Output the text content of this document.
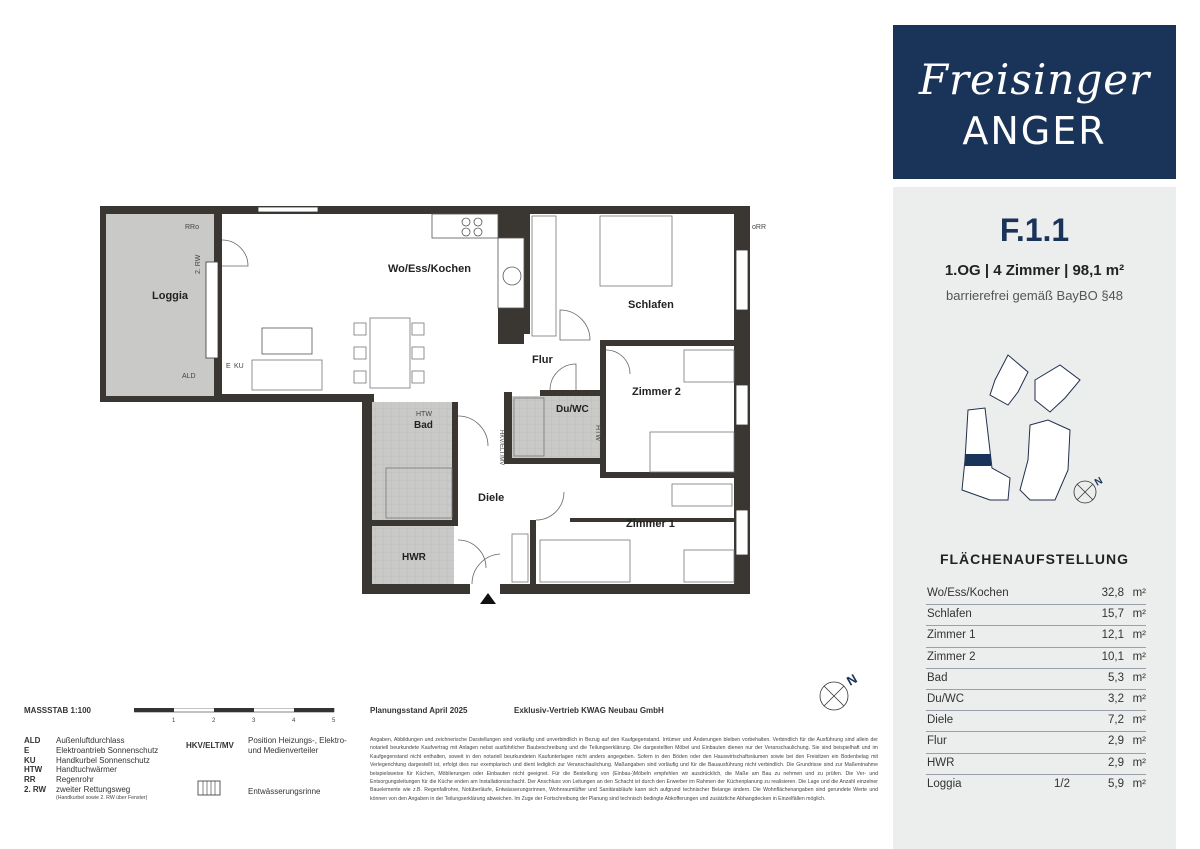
Freisinger
ANGER
F.1.1
1.OG | 4 Zimmer | 98,1 m²
barrierefrei gemäß BayBO §48
N
FLÄCHENAUFSTELLUNG
Wo/Ess/Kochen	32,8 m²
Schlafen	15,7 m²
Zimmer 1	12,1 m²
Zimmer 2	10,1 m²
Bad	5,3 m²
Du/WC	3,2 m²
Diele	7,2 m²
Flur	2,9 m²
HWR	2,9 m²
Loggia	1/2	5,9 m²
Loggia
Wo/Ess/Kochen
Schlafen
Flur
Zimmer 2
Du/WC
Bad
Diele
Zimmer 1
HWR
RRo	oRR
2. RW
ALD
E KU
HTW
HTW
HKV/ELT/MV
N
MASSSTAB 1:100
1	2	3	4	5
ALD Außenluftdurchlass
E	Elektroantrieb Sonnenschutz
KU	Handkurbel Sonnenschutz
HTW Handtuchwärmer
RR	Regenrohr
2. RW zweiter Rettungsweg
(Handkurbel sowie 2. RW über Fenster)
HKV/ELT/MV
Position Heizungs-, Elektro- und Medienverteiler
Entwässerungsrinne
Planungsstand April 2025	Exklusiv-Vertrieb KWAG Neubau GmbH
Angaben, Abbildungen und zeichnerische Darstellungen sind vorläufig und unverbindlich in Bezug auf den Kaufgegenstand. Irrtümer und Änderungen bleiben vorbehalten. Verbindlich für die Ausführung sind allein der notariell beurkundete Kaufvertrag mit Anlagen nebst ausführlicher Baubeschreibung und die Teilungserklärung. Die dargestellten Möbel und Einbauten dienen nur der Veranschaulichung. Sie sind beispielhaft und im Kaufgegenstand nicht enthalten, soweit in den notariell beurkundeten Kaufunterlagen nicht anders angegeben. Sofern in den Böden oder den Hauswirtschaftsräumen sowie bei den Freisitzen ein Bodenbelag mit Verlegerichtung dargestellt ist, erfolgt dies nur exemplarisch und dient lediglich zur Veranschaulichung. Maßangaben sind vorläufig und für die Bauausführung nicht verbindlich. Die Grundrisse sind zur Maßentnahme beispielsweise für Küchen, Möblierungen oder Einbauten nicht geeignet. Für die Bestellung von (Einbau-)Möbeln empfehlen wir ausdrücklich, die Maße am Bau zu nehmen und zu prüfen. Die Ver- und Entsorgungsleitungen für die Küche enden am Installationsschacht. Der Anschluss von Leitungen an den Schacht ist durch den Erwerber im Rahmen der Küchenplanung zu realisieren. Die Lage und die Anzahl einzelner Bauelemente wie z.B. Regenfallrohre, Notüberläufe, Entwässerungsrinnen, Wohnraumlüfter und Sanitärabläufe kann sich aufgrund technischer Belange ändern. Die Wohnflächenangaben sind gerundete Werte und können von den Angaben in der Teilungserklärung abweichen. Im Zuge der Fortschreibung der Planung sind technisch bedingte Abkofferungen und zusätzliche Abhangdecken in Einzelfällen möglich.
